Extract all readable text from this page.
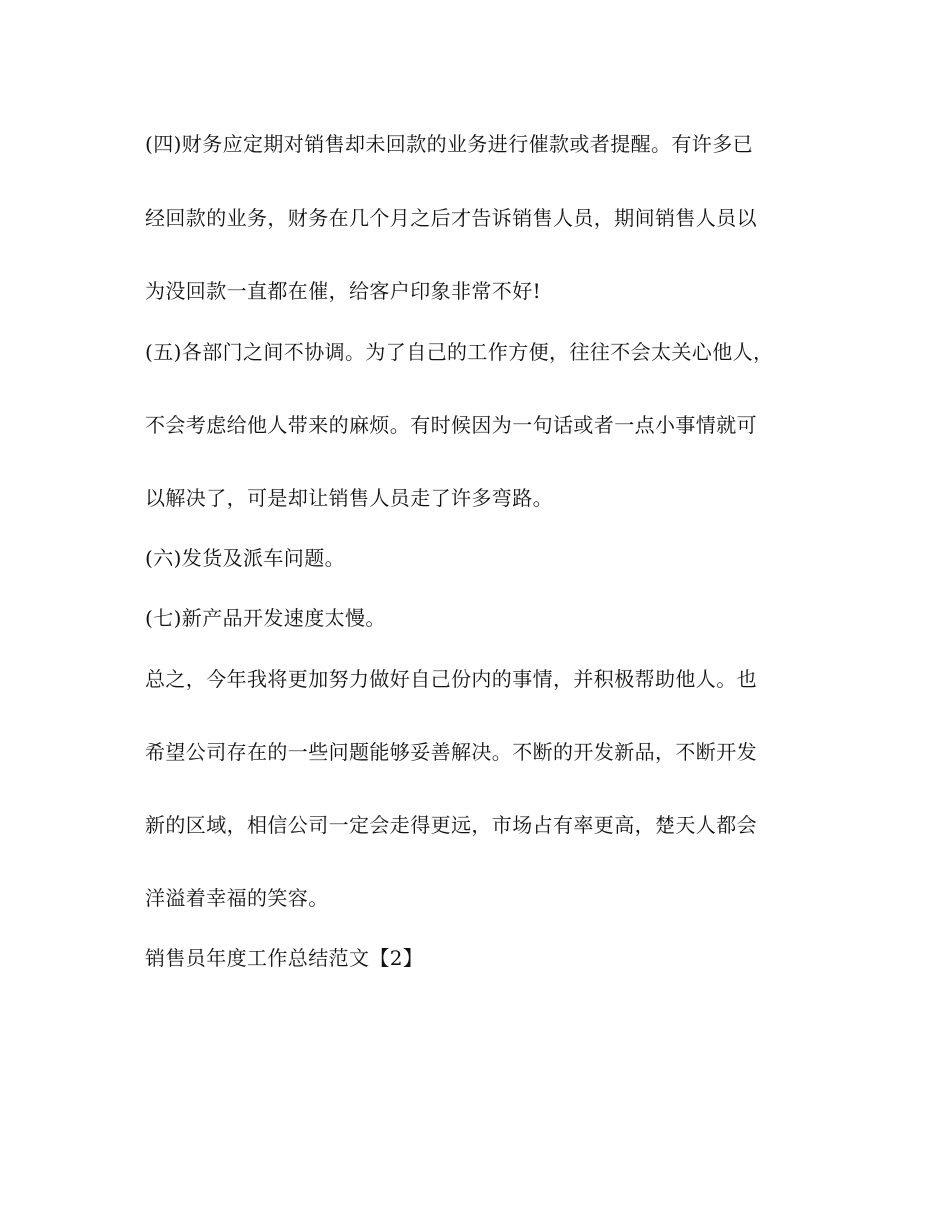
(四)财务应定期对销售却未回款的业务进行催款或者提醒。有许多已
经回款的业务，财务在几个月之后才告诉销售人员，期间销售人员以
为没回款一直都在催，给客户印象非常不好!
(五)各部门之间不协调。为了自己的工作方便，往往不会太关心他人，
不会考虑给他人带来的麻烦。有时候因为一句话或者一点小事情就可
以解决了，可是却让销售人员走了许多弯路。
(六)发货及派车问题。
(七)新产品开发速度太慢。
总之，今年我将更加努力做好自己份内的事情，并积极帮助他人。也
希望公司存在的一些问题能够妥善解决。不断的开发新品，不断开发
新的区域，相信公司一定会走得更远，市场占有率更高，楚天人都会
洋溢着幸福的笑容。
销售员年度工作总结范文【2】
